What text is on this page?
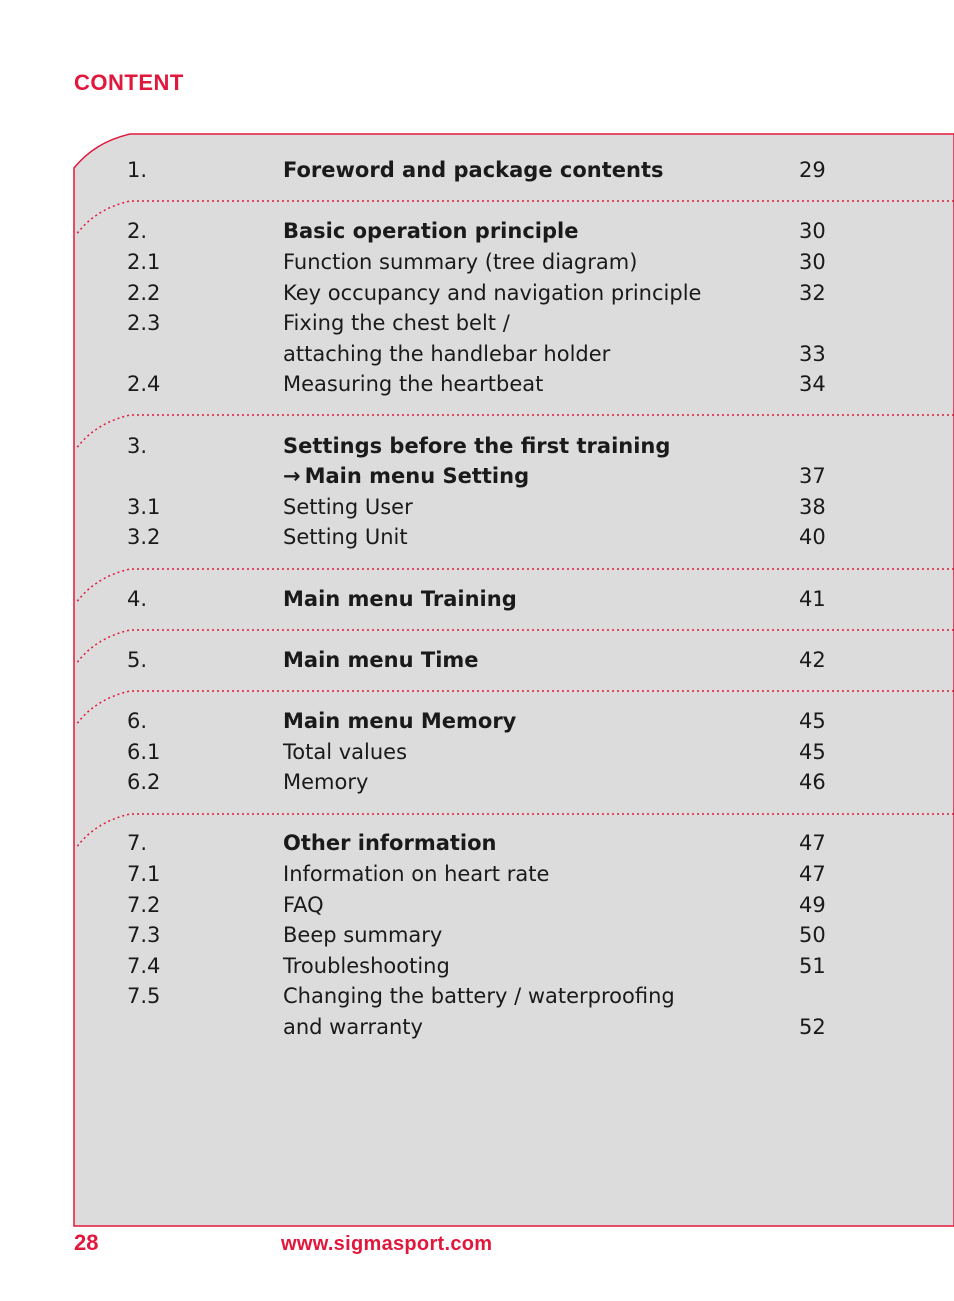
CONTENT
1.	Foreword and package contents	29
2.	Basic operation principle	30
2.1	Function summary (tree diagram)	30
2.2	Key occupancy and navigation principle	32
2.3	Fixing the chest belt /
attaching the handlebar holder	33
2.4	Measuring the heartbeat	34
3.	Settings before the first training
→ Main menu Setting	37
3.1	Setting User	38
3.2	Setting Unit	40
4.	Main menu Training	41
5.	Main menu Time	42
6.	Main menu Memory	45
6.1	Total values	45
6.2	Memory	46
7.	Other information	47
7.1	Information on heart rate	47
7.2	FAQ	49
7.3	Beep summary	50
7.4	Troubleshooting	51
7.5	Changing the battery / waterproofing
and warranty	52
28	www.sigmasport.com
